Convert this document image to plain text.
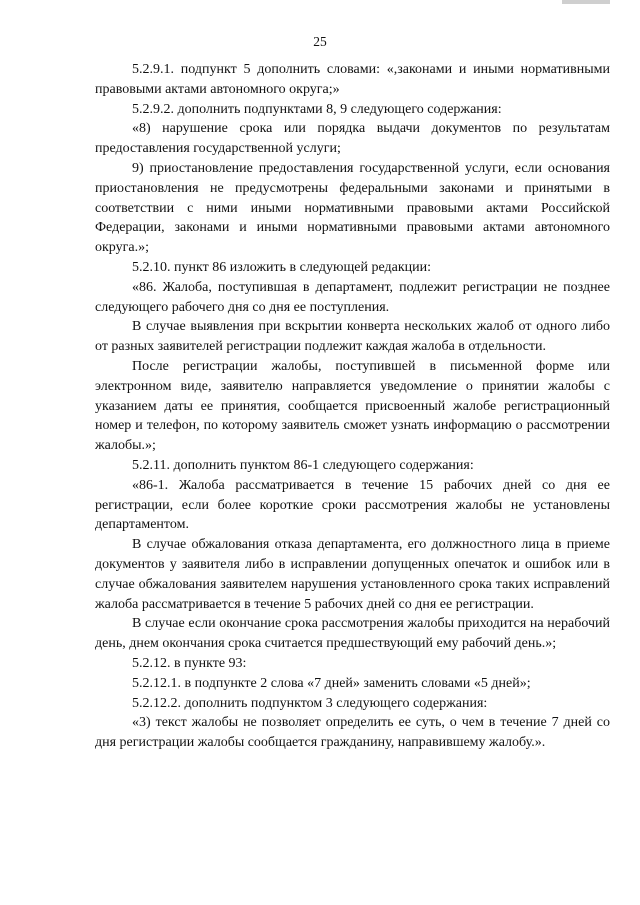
25

5.2.9.1. подпункт 5 дополнить словами: «,законами и иными нормативными правовыми актами автономного округа;»

5.2.9.2. дополнить подпунктами 8, 9 следующего содержания:

«8) нарушение срока или порядка выдачи документов по результатам предоставления государственной услуги;

9) приостановление предоставления государственной услуги, если основания приостановления не предусмотрены федеральными законами и принятыми в соответствии с ними иными нормативными правовыми актами Российской Федерации, законами и иными нормативными правовыми актами автономного округа.»;

5.2.10. пункт 86 изложить в следующей редакции:

«86. Жалоба, поступившая в департамент, подлежит регистрации не позднее следующего рабочего дня со дня ее поступления.

В случае выявления при вскрытии конверта нескольких жалоб от одного либо от разных заявителей регистрации подлежит каждая жалоба в отдельности.

После регистрации жалобы, поступившей в письменной форме или электронном виде, заявителю направляется уведомление о принятии жалобы с указанием даты ее принятия, сообщается присвоенный жалобе регистрационный номер и телефон, по которому заявитель сможет узнать информацию о рассмотрении жалобы.»;

5.2.11. дополнить пунктом 86-1 следующего содержания:

«86-1. Жалоба рассматривается в течение 15 рабочих дней со дня ее регистрации, если более короткие сроки рассмотрения жалобы не установлены департаментом.

В случае обжалования отказа департамента, его должностного лица в приеме документов у заявителя либо в исправлении допущенных опечаток и ошибок или в случае обжалования заявителем нарушения установленного срока таких исправлений жалоба рассматривается в течение 5 рабочих дней со дня ее регистрации.

В случае если окончание срока рассмотрения жалобы приходится на нерабочий день, днем окончания срока считается предшествующий ему рабочий день.»;

5.2.12. в пункте 93:

5.2.12.1. в подпункте 2 слова «7 дней» заменить словами «5 дней»;

5.2.12.2. дополнить подпунктом 3 следующего содержания:

«3) текст жалобы не позволяет определить ее суть, о чем в течение 7 дней со дня регистрации жалобы сообщается гражданину, направившему жалобу.».
